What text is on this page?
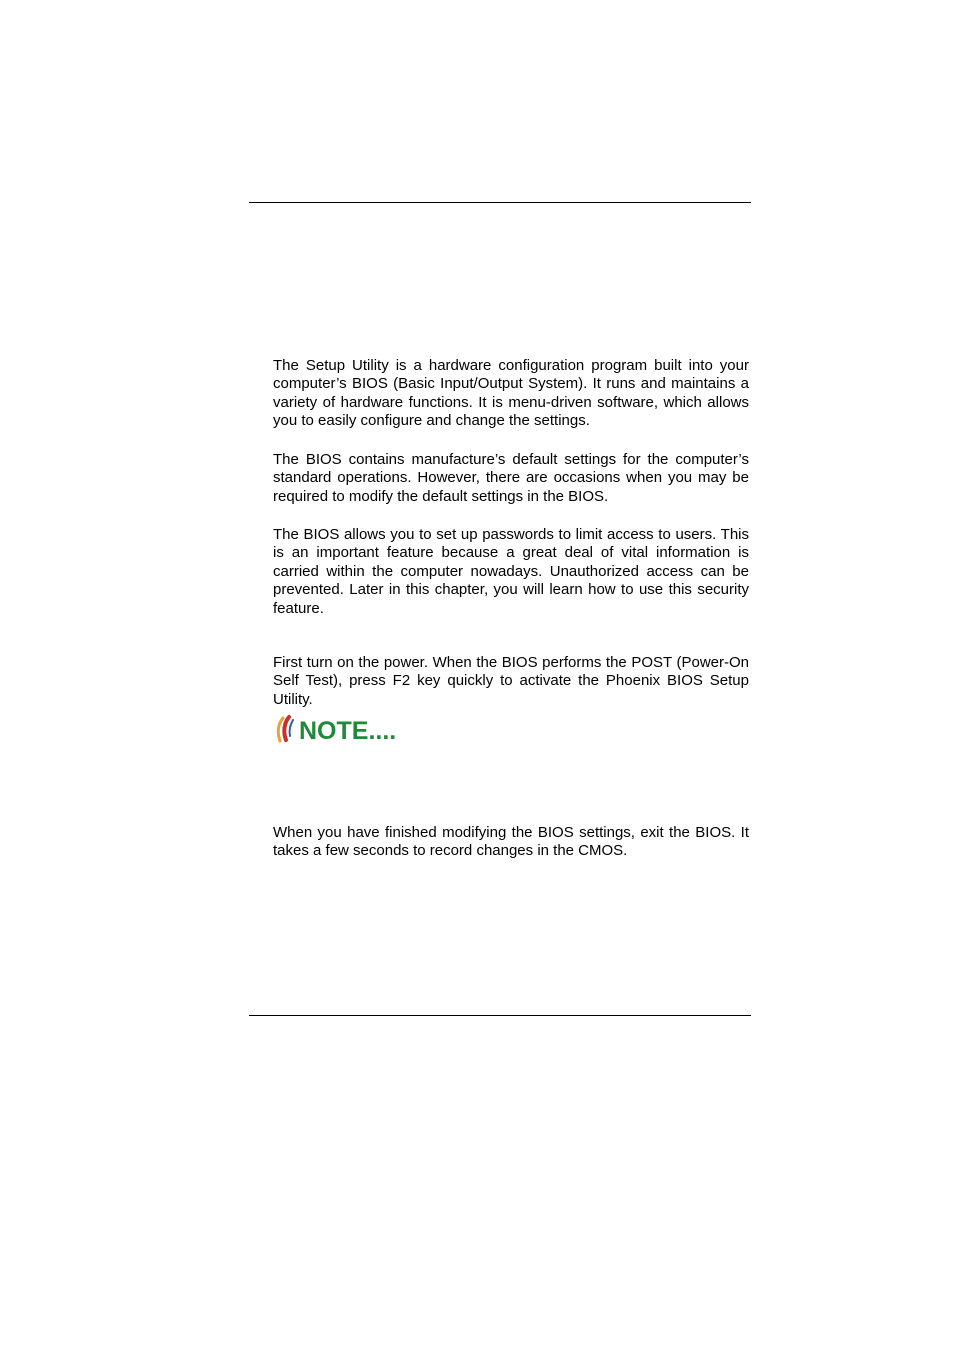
The Setup Utility is a hardware configuration program built into your computer’s BIOS (Basic Input/Output System). It runs and maintains a variety of hardware functions. It is menu-driven software, which allows you to easily configure and change the settings.

The BIOS contains manufacture’s default settings for the computer’s standard operations. However, there are occasions when you may be required to modify the default settings in the BIOS.

The BIOS allows you to set up passwords to limit access to users. This is an important feature because a great deal of vital information is carried within the computer nowadays. Unauthorized access can be prevented. Later in this chapter, you will learn how to use this security feature.

First turn on the power. When the BIOS performs the POST (Power-On Self Test), press F2 key quickly to activate the Phoenix BIOS Setup Utility.

NOTE....

When you have finished modifying the BIOS settings, exit the BIOS. It takes a few seconds to record changes in the CMOS.
